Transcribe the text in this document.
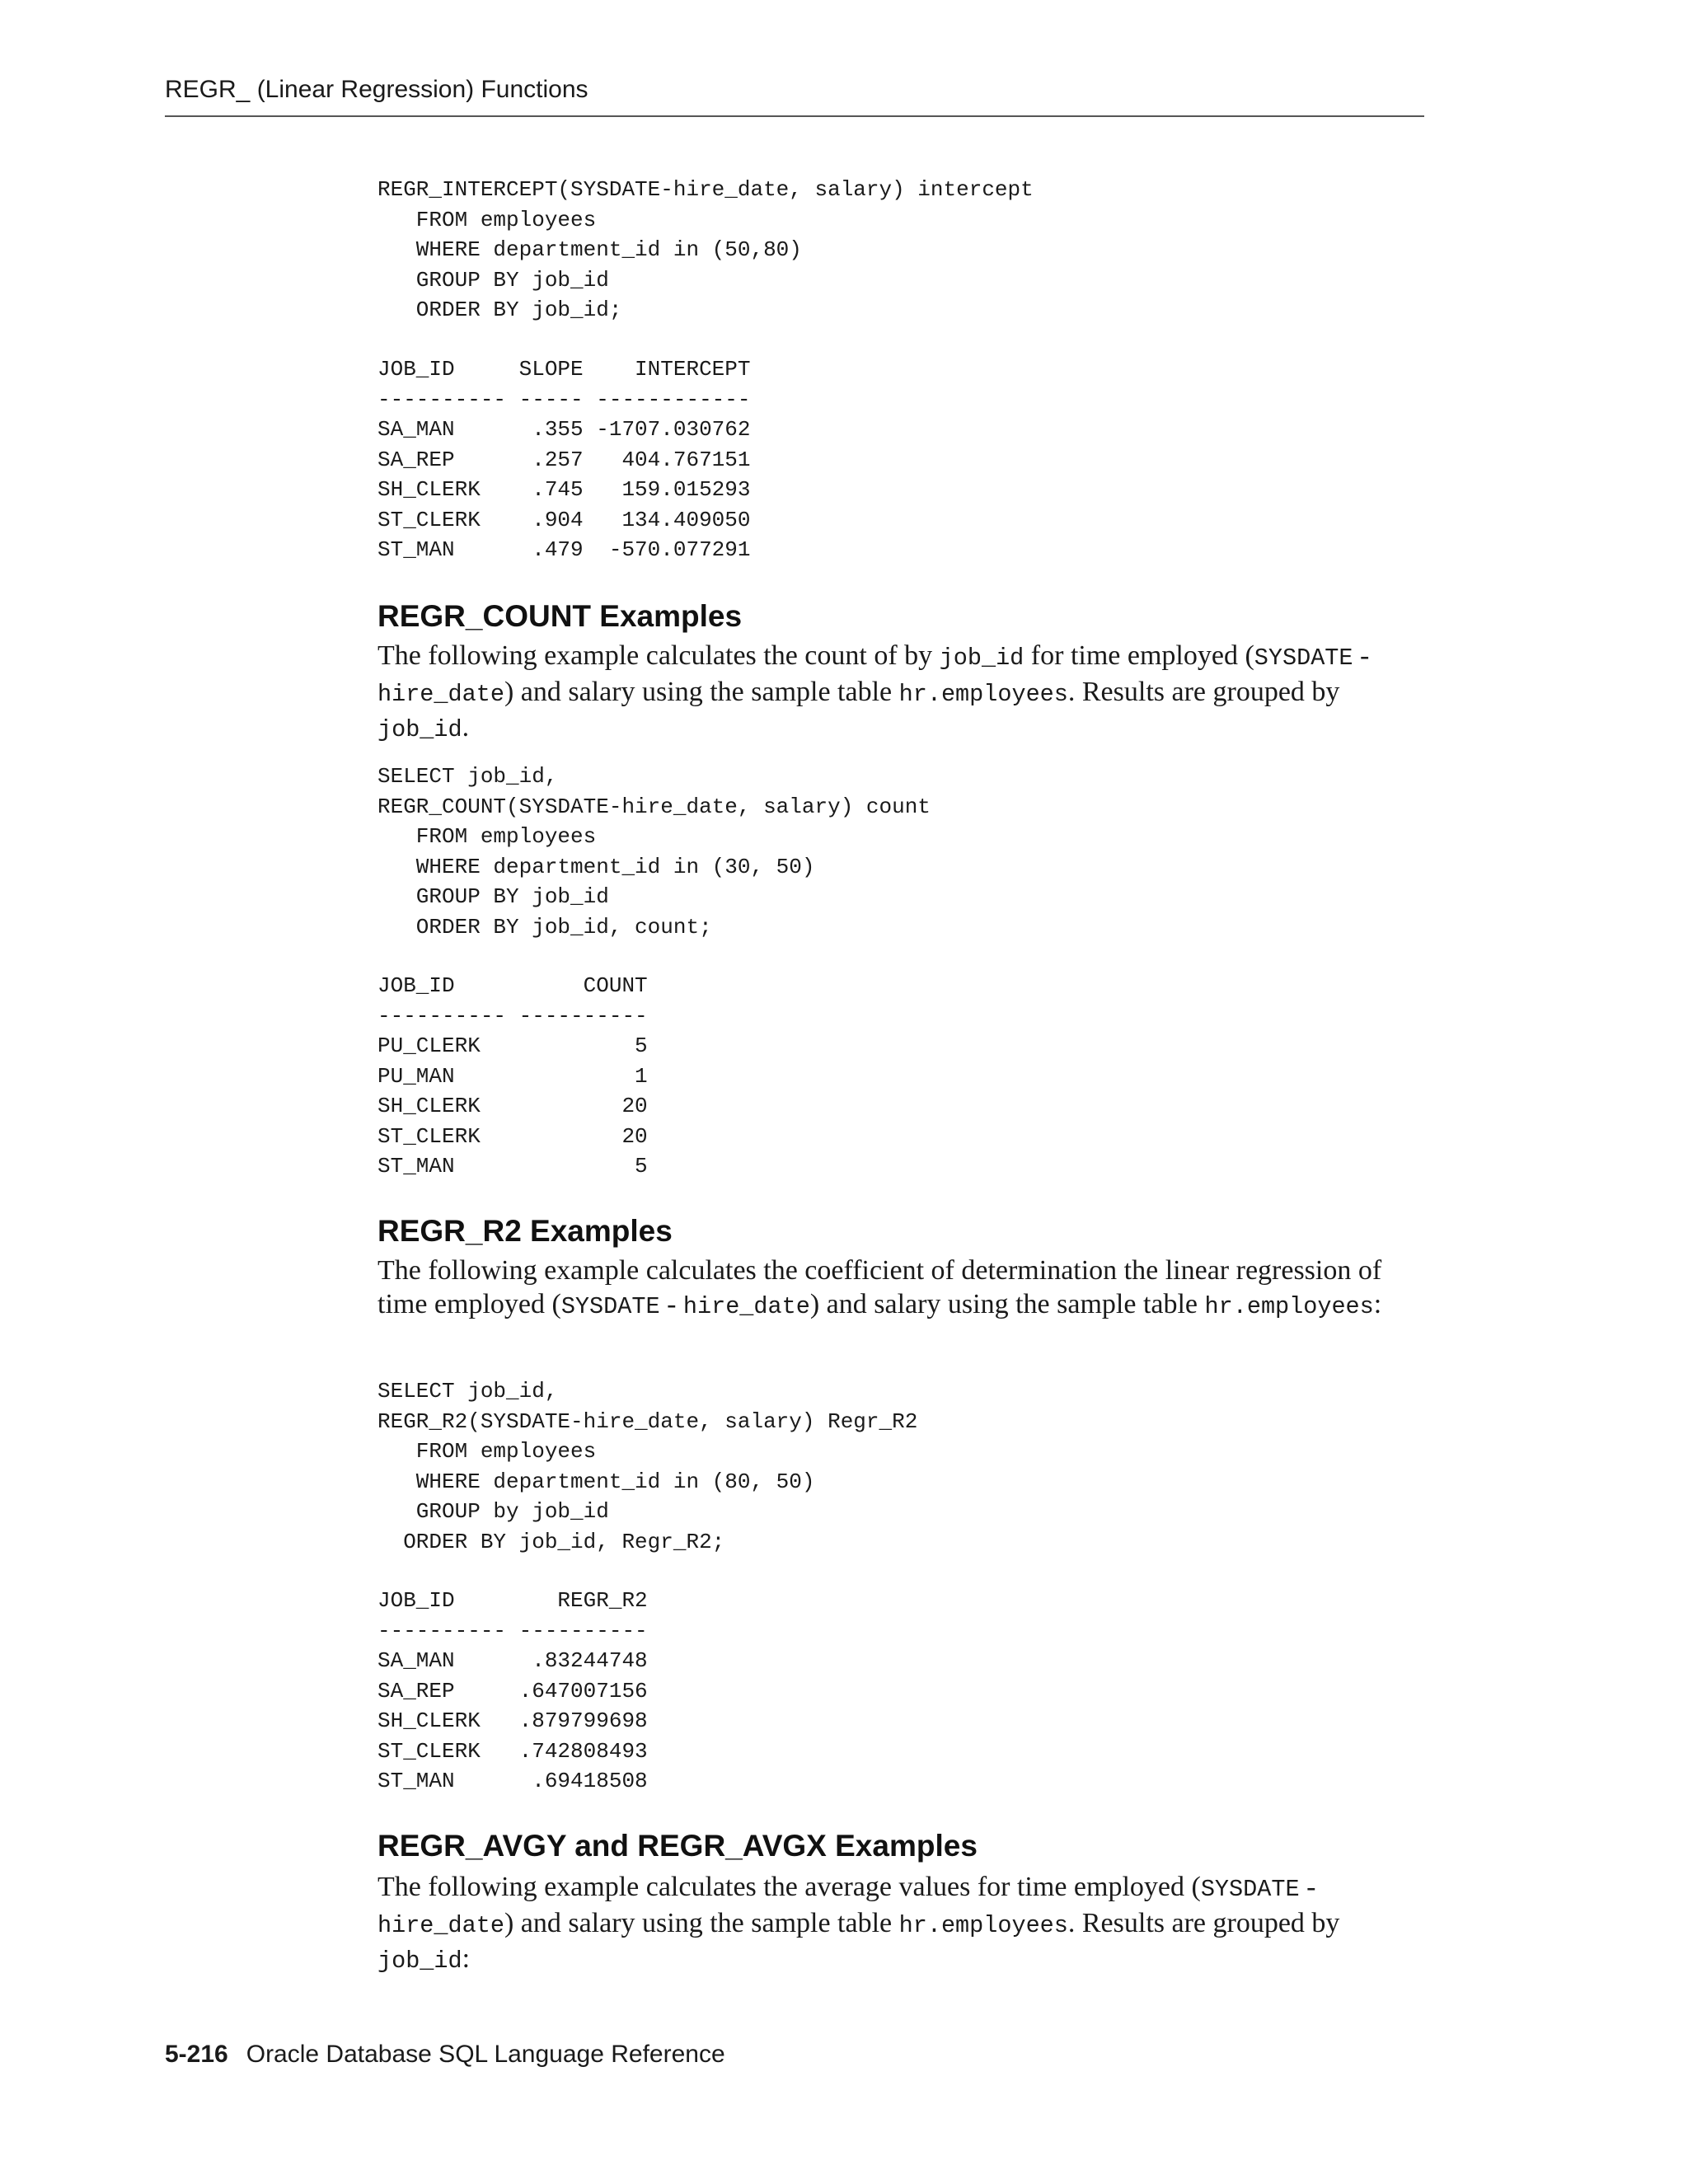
REGR_ (Linear Regression) Functions
REGR_INTERCEPT(SYSDATE-hire_date, salary) intercept
FROM employees
WHERE department_id in (50,80)
GROUP BY job_id
ORDER BY job_id;
JOB_ID     SLOPE    INTERCEPT
---------- ----- ------------
SA_MAN      .355 -1707.030762
SA_REP      .257   404.767151
SH_CLERK    .745   159.015293
ST_CLERK    .904   134.409050
ST_MAN      .479  -570.077291
REGR_COUNT Examples

The following example calculates the count of by job_id for time employed (SYSDATE - hire_date) and salary using the sample table hr.employees. Results are grouped by job_id.

SELECT job_id,
REGR_COUNT(SYSDATE-hire_date, salary) count
FROM employees
WHERE department_id in (30, 50)
GROUP BY job_id
ORDER BY job_id, count;
JOB_ID          COUNT
---------- ----------
PU_CLERK            5
PU_MAN              1
SH_CLERK           20
ST_CLERK           20
ST_MAN              5
REGR_R2 Examples

The following example calculates the coefficient of determination the linear regression of time employed (SYSDATE - hire_date) and salary using the sample table hr.employees:

SELECT job_id,
REGR_R2(SYSDATE-hire_date, salary) Regr_R2
FROM employees
WHERE department_id in (80, 50)
GROUP by job_id
ORDER BY job_id, Regr_R2;
JOB_ID        REGR_R2
---------- ----------
SA_MAN      .83244748
SA_REP     .647007156
SH_CLERK   .879799698
ST_CLERK   .742808493
ST_MAN      .69418508
REGR_AVGY and REGR_AVGX Examples

The following example calculates the average values for time employed (SYSDATE - hire_date) and salary using the sample table hr.employees. Results are grouped by job_id:

5-216 Oracle Database SQL Language Reference
